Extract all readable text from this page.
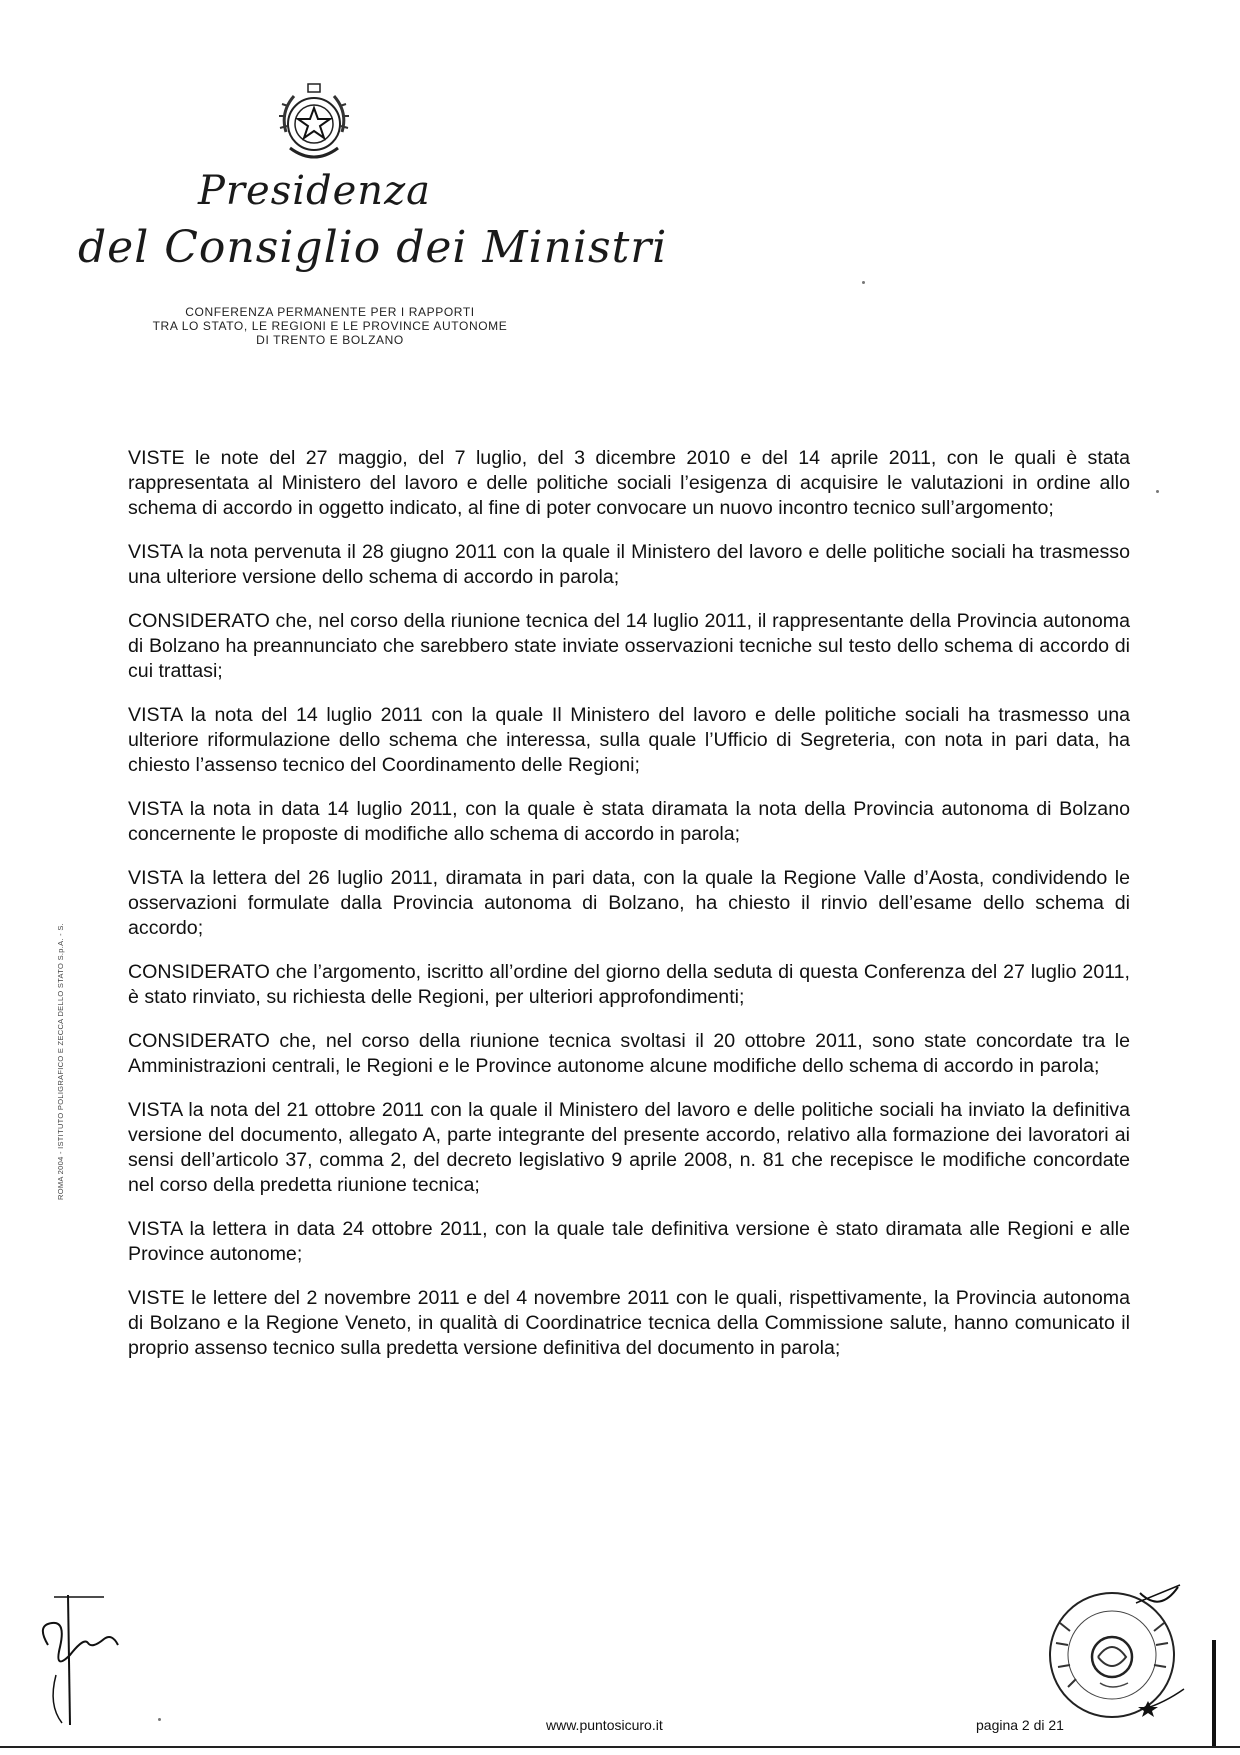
Presidenza
del Consiglio dei Ministri
CONFERENZA PERMANENTE PER I RAPPORTI
TRA LO STATO, LE REGIONI E LE PROVINCE AUTONOME
DI TRENTO E BOLZANO

VISTE le note del 27 maggio, del 7 luglio, del 3 dicembre 2010 e del 14 aprile 2011, con le quali è stata rappresentata al Ministero del lavoro e delle politiche sociali l’esigenza di acquisire le valutazioni in ordine allo schema di accordo in oggetto indicato, al fine di poter convocare un nuovo incontro tecnico sull’argomento;

VISTA la nota pervenuta il 28 giugno 2011 con la quale il Ministero del lavoro e delle politiche sociali ha trasmesso una ulteriore versione dello schema di accordo in parola;

CONSIDERATO che, nel corso della riunione tecnica del 14 luglio 2011, il rappresentante della Provincia autonoma di Bolzano ha preannunciato che sarebbero state inviate osservazioni tecniche sul testo dello schema di accordo di cui trattasi;

VISTA la nota del 14 luglio 2011 con la quale Il Ministero del lavoro e delle politiche sociali ha trasmesso una ulteriore riformulazione dello schema che interessa, sulla quale l’Ufficio di Segreteria, con nota in pari data, ha chiesto l’assenso tecnico del Coordinamento delle Regioni;

VISTA la nota in data 14 luglio 2011, con la quale è stata diramata la nota della Provincia autonoma di Bolzano concernente le proposte di modifiche allo schema di accordo in parola;

VISTA la lettera del 26 luglio 2011, diramata in pari data, con la quale la Regione Valle d’Aosta, condividendo le osservazioni formulate dalla Provincia autonoma di Bolzano, ha chiesto il rinvio dell’esame dello schema di accordo;

CONSIDERATO che l’argomento, iscritto all’ordine del giorno della seduta di questa Conferenza del 27 luglio 2011, è stato rinviato, su richiesta delle Regioni, per ulteriori approfondimenti;

CONSIDERATO che, nel corso della riunione tecnica svoltasi il 20 ottobre 2011, sono state concordate tra le Amministrazioni centrali, le Regioni e le Province autonome alcune modifiche dello schema di accordo in parola;

VISTA la nota del 21 ottobre 2011 con la quale il Ministero del lavoro e delle politiche sociali ha inviato la definitiva versione del documento, allegato A, parte integrante del presente accordo, relativo alla formazione dei lavoratori ai sensi dell’articolo 37, comma 2, del decreto legislativo 9 aprile 2008, n. 81 che recepisce le modifiche concordate nel corso della predetta riunione tecnica;

VISTA la lettera in data 24 ottobre 2011, con la quale tale definitiva versione è stato diramata alle Regioni e alle Province autonome;

VISTE le lettere del 2 novembre 2011 e del 4 novembre 2011 con le quali, rispettivamente, la Provincia autonoma di Bolzano e la Regione Veneto, in qualità di Coordinatrice tecnica della Commissione salute, hanno comunicato il proprio assenso tecnico sulla predetta versione definitiva del documento in parola;

ROMA 2004 - ISTITUTO POLIGRAFICO E ZECCA DELLO STATO S.p.A. - S.
www.puntosicuro.it	pagina 2 di 21
